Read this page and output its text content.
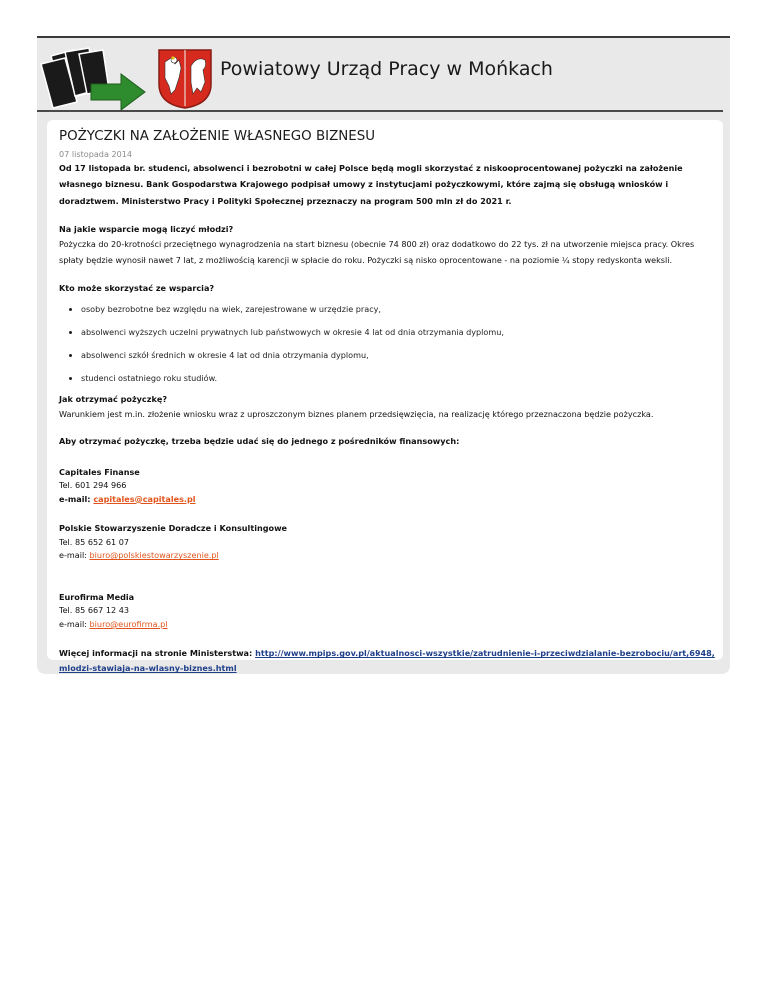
Powiatowy Urząd Pracy w Mońkach
POŻYCZKI NA ZAŁOŻENIE WŁASNEGO BIZNESU
07 listopada 2014
Od 17 listopada br. studenci, absolwenci i bezrobotni w całej Polsce będą mogli skorzystać z niskooprocentowanej pożyczki na założenie własnego biznesu. Bank Gospodarstwa Krajowego podpisał umowy z instytucjami pożyczkowymi, które zajmą się obsługą wniosków i doradztwem. Ministerstwo Pracy i Polityki Społecznej przeznaczy na program 500 mln zł do 2021 r.
Na jakie wsparcie mogą liczyć młodzi?
Pożyczka do 20-krotności przeciętnego wynagrodzenia na start biznesu (obecnie 74 800 zł) oraz dodatkowo do 22 tys. zł na utworzenie miejsca pracy. Okres spłaty będzie wynosił nawet 7 lat, z możliwością karencji w spłacie do roku. Pożyczki są nisko oprocentowane - na poziomie ¼ stopy redyskonta weksli.
Kto może skorzystać ze wsparcia?
• osoby bezrobotne bez względu na wiek, zarejestrowane w urzędzie pracy,
• absolwenci wyższych uczelni prywatnych lub państwowych w okresie 4 lat od dnia otrzymania dyplomu,
• absolwenci szkół średnich w okresie 4 lat od dnia otrzymania dyplomu,
• studenci ostatniego roku studiów.
Jak otrzymać pożyczkę?
Warunkiem jest m.in. złożenie wniosku wraz z uproszczonym biznes planem przedsięwzięcia, na realizację którego przeznaczona będzie pożyczka.
Aby otrzymać pożyczkę, trzeba będzie udać się do jednego z pośredników finansowych:
Capitales Finanse
Tel. 601 294 966
e-mail: capitales@capitales.pl
Polskie Stowarzyszenie Doradcze i Konsultingowe
Tel. 85 652 61 07
e-mail: biuro@polskiestowarzyszenie.pl
Eurofirma Media
Tel. 85 667 12 43
e-mail: biuro@eurofirma.pl
Więcej informacji na stronie Ministerstwa: http://www.mpips.gov.pl/aktualnosci-wszystkie/zatrudnienie-i-przeciwdzialanie-bezrobociu/art,6948,mlodzi-stawiaja-na-wlasny-biznes.html
